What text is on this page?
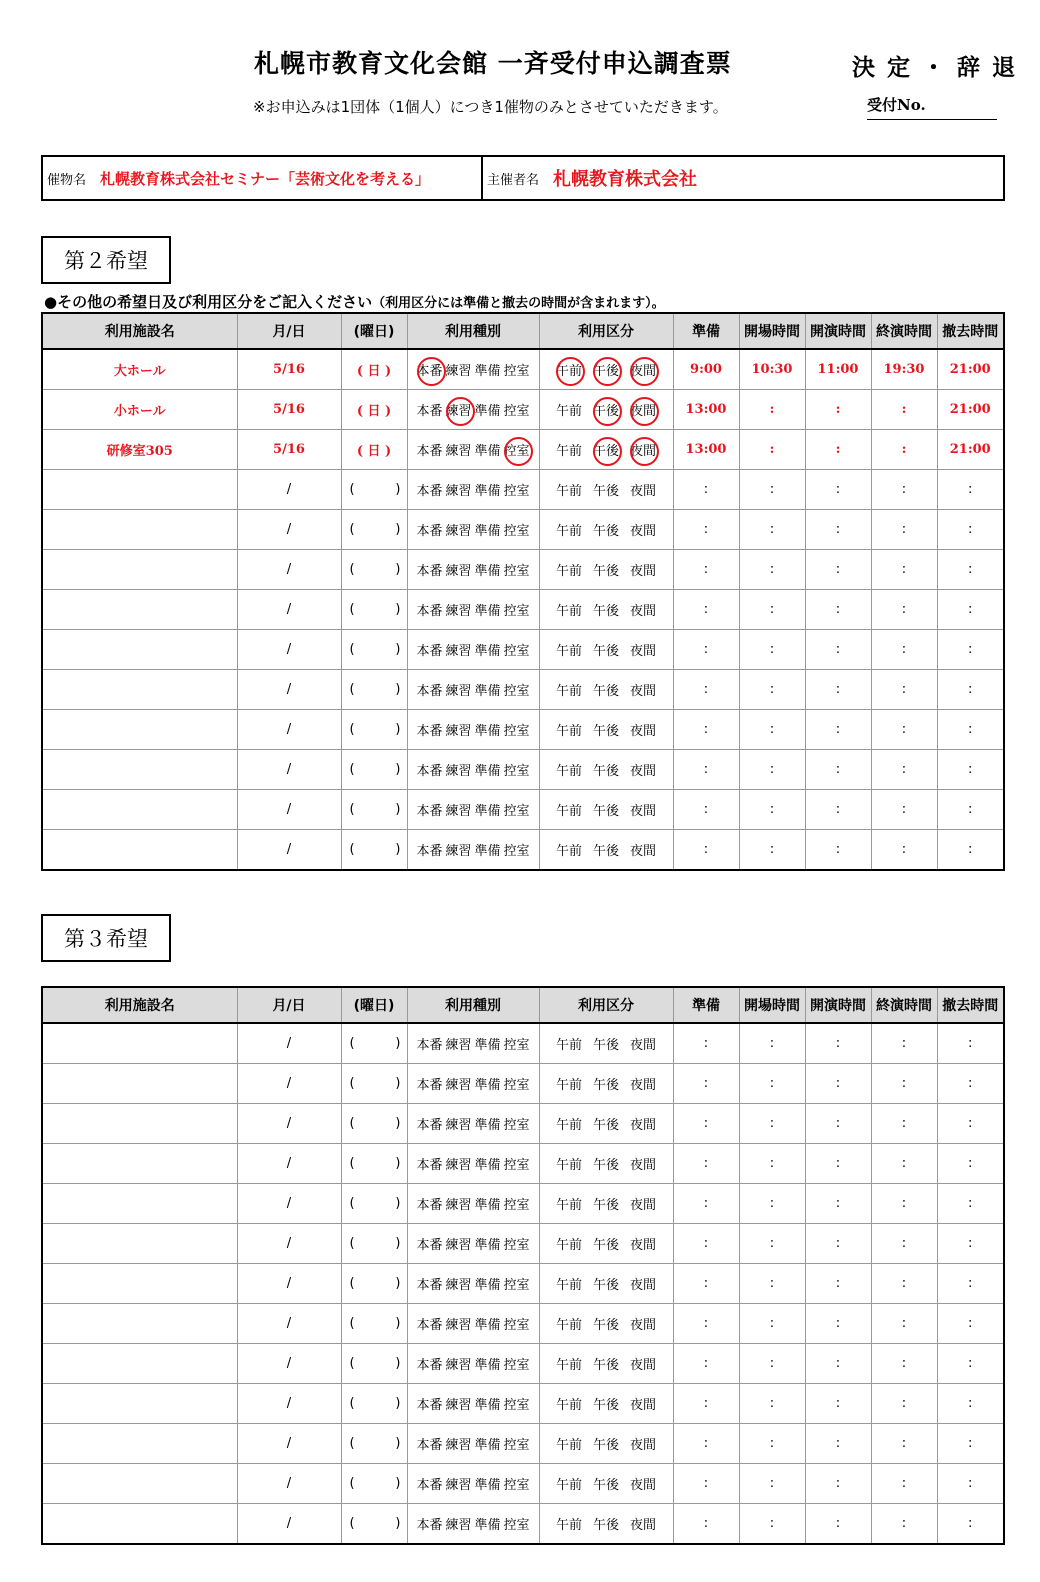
札幌市教育文化会館 一斉受付申込調査票	決 定 ・ 辞 退
※お申込みは1団体（1個人）につき1催物のみとさせていただきます。	受付No.
催物名 札幌教育株式会社セミナー「芸術文化を考える」	主催者名 札幌教育株式会社
第２希望
●その他の希望日及び利用区分をご記入ください（利用区分には準備と撤去の時間が含まれます）。
利用施設名	月/日	(曜日)	利用種別	利用区分	準備	開場時間	開演時間	終演時間	撤去時間
大ホール	5/16	( 日 )	本番 練習 準備 控室	午前 午後 夜間	9:00	10:30	11:00	19:30	21:00
小ホール	5/16	( 日 )	本番 練習 準備 控室	午前 午後 夜間	13:00	:	:	:	21:00
研修室305	5/16	( 日 )	本番 練習 準備 控室	午前 午後 夜間	13:00	:	:	:	21:00
	/	( )	本番 練習 準備 控室	午前 午後 夜間	:	:	:	:	:
	/	( )	本番 練習 準備 控室	午前 午後 夜間	:	:	:	:	:
	/	( )	本番 練習 準備 控室	午前 午後 夜間	:	:	:	:	:
	/	( )	本番 練習 準備 控室	午前 午後 夜間	:	:	:	:	:
	/	( )	本番 練習 準備 控室	午前 午後 夜間	:	:	:	:	:
	/	( )	本番 練習 準備 控室	午前 午後 夜間	:	:	:	:	:
	/	( )	本番 練習 準備 控室	午前 午後 夜間	:	:	:	:	:
	/	( )	本番 練習 準備 控室	午前 午後 夜間	:	:	:	:	:
	/	( )	本番 練習 準備 控室	午前 午後 夜間	:	:	:	:	:
	/	( )	本番 練習 準備 控室	午前 午後 夜間	:	:	:	:	:
第３希望
利用施設名	月/日	(曜日)	利用種別	利用区分	準備	開場時間	開演時間	終演時間	撤去時間
	/	( )	本番 練習 準備 控室	午前 午後 夜間	:	:	:	:	:
	/	( )	本番 練習 準備 控室	午前 午後 夜間	:	:	:	:	:
	/	( )	本番 練習 準備 控室	午前 午後 夜間	:	:	:	:	:
	/	( )	本番 練習 準備 控室	午前 午後 夜間	:	:	:	:	:
	/	( )	本番 練習 準備 控室	午前 午後 夜間	:	:	:	:	:
	/	( )	本番 練習 準備 控室	午前 午後 夜間	:	:	:	:	:
	/	( )	本番 練習 準備 控室	午前 午後 夜間	:	:	:	:	:
	/	( )	本番 練習 準備 控室	午前 午後 夜間	:	:	:	:	:
	/	( )	本番 練習 準備 控室	午前 午後 夜間	:	:	:	:	:
	/	( )	本番 練習 準備 控室	午前 午後 夜間	:	:	:	:	:
	/	( )	本番 練習 準備 控室	午前 午後 夜間	:	:	:	:	:
	/	( )	本番 練習 準備 控室	午前 午後 夜間	:	:	:	:	:
	/	( )	本番 練習 準備 控室	午前 午後 夜間	:	:	:	:	:
